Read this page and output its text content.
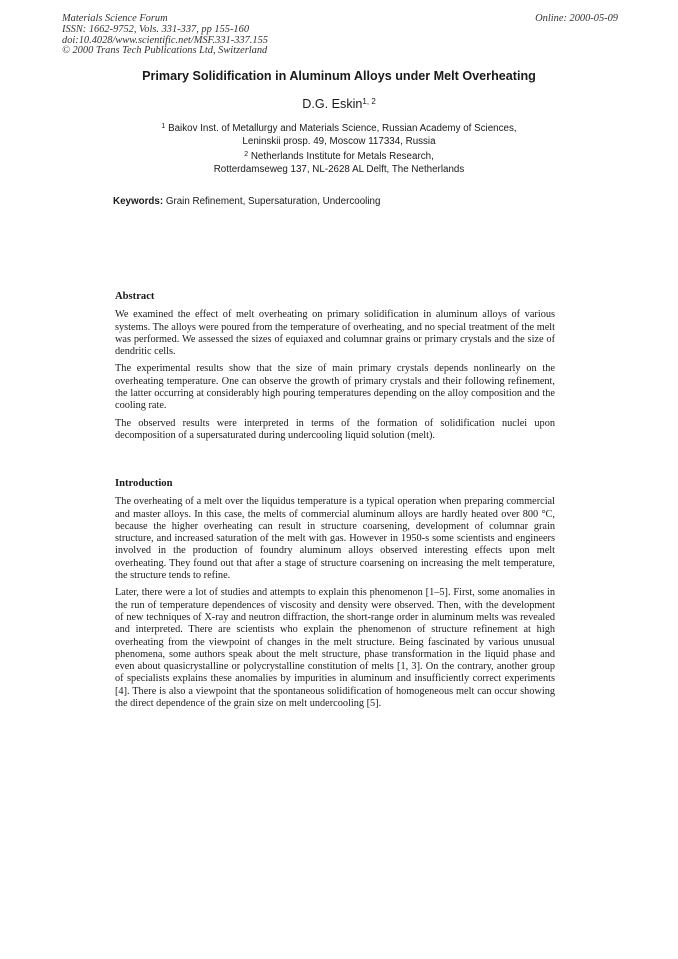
Materials Science Forum
ISSN: 1662-9752, Vols. 331-337, pp 155-160
doi:10.4028/www.scientific.net/MSF.331-337.155
© 2000 Trans Tech Publications Ltd, Switzerland
Online: 2000-05-09
Primary Solidification in Aluminum Alloys under Melt Overheating
D.G. Eskin$^{1, 2}$
$^1$ Baikov Inst. of Metallurgy and Materials Science, Russian Academy of Sciences,
Leninskii prosp. 49, Moscow 117334, Russia
$^2$ Netherlands Institute for Metals Research,
Rotterdamseweg 137, NL-2628 AL Delft, The Netherlands
Keywords: Grain Refinement, Supersaturation, Undercooling
Abstract

We examined the effect of melt overheating on primary solidification in aluminum alloys of various systems. The alloys were poured from the temperature of overheating, and no special treatment of the melt was performed. We assessed the sizes of equiaxed and columnar grains or primary crystals and the size of dendritic cells.

The experimental results show that the size of main primary crystals depends nonlinearly on the overheating temperature. One can observe the growth of primary crystals and their following refinement, the latter occurring at considerably high pouring temperatures depending on the alloy composition and the cooling rate.

The observed results were interpreted in terms of the formation of solidification nuclei upon decomposition of a supersaturated during undercooling liquid solution (melt).

Introduction

The overheating of a melt over the liquidus temperature is a typical operation when preparing commercial and master alloys. In this case, the melts of commercial aluminum alloys are hardly heated over 800 °C, because the higher overheating can result in structure coarsening, development of columnar grain structure, and increased saturation of the melt with gas. However in 1950-s some scientists and engineers involved in the production of foundry aluminum alloys observed interesting effects upon melt overheating. They found out that after a stage of structure coarsening on increasing the melt temperature, the structure tends to refine.

Later, there were a lot of studies and attempts to explain this phenomenon [1–5]. First, some anomalies in the run of temperature dependences of viscosity and density were observed. Then, with the development of new techniques of X-ray and neutron diffraction, the short-range order in aluminum melts was revealed and interpreted. There are scientists who explain the phenomenon of structure refinement at high overheating from the viewpoint of changes in the melt structure. Being fascinated by various unusual phenomena, some authors speak about the melt structure, phase transformation in the liquid phase and even about quasicrystalline or polycrystalline constitution of melts [1, 3]. On the contrary, another group of specialists explains these anomalies by impurities in aluminum and insufficiently correct experiments [4]. There is also a viewpoint that the spontaneous solidification of homogeneous melt can occur showing the direct dependence of the grain size on melt undercooling [5].
